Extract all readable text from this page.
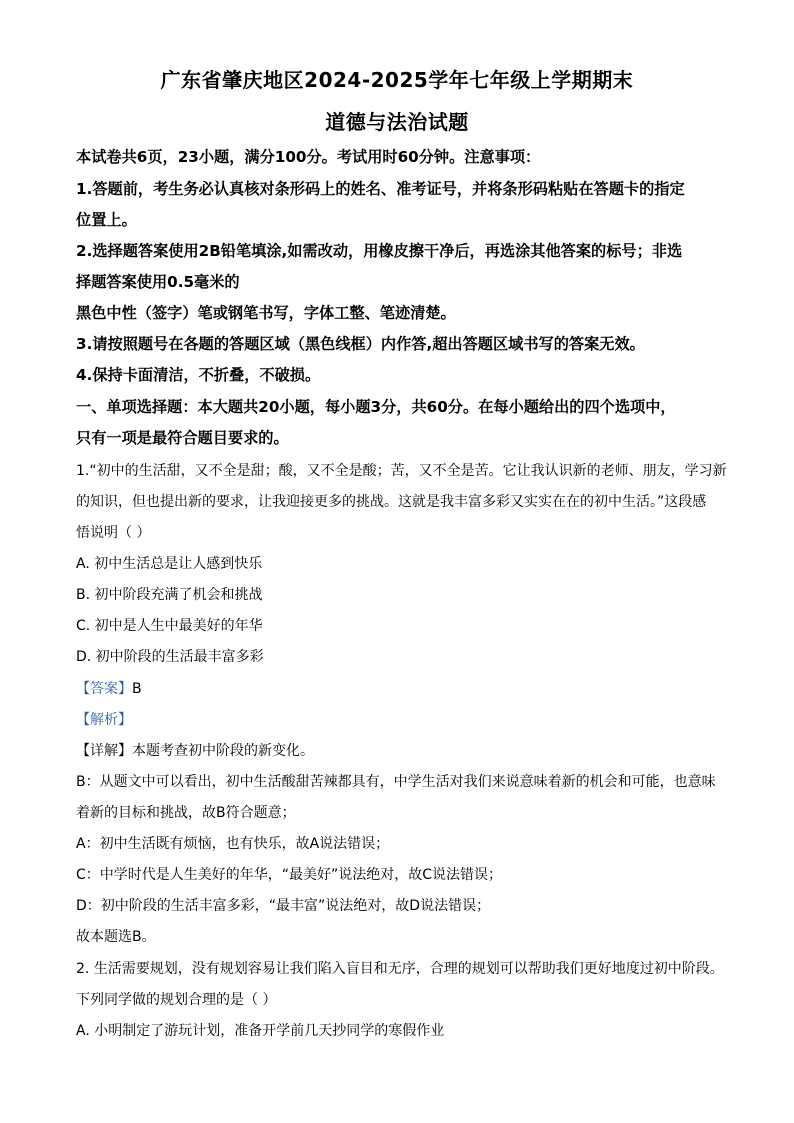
广东省肇庆地区2024-2025学年七年级上学期期末
道德与法治试题
本试卷共6页，23小题，满分100分。考试用时60分钟。注意事项：
1.答题前，考生务必认真核对条形码上的姓名、准考证号，并将条形码粘贴在答题卡的指定
位置上。
2.选择题答案使用2B铅笔填涂,如需改动，用橡皮擦干净后，再选涂其他答案的标号；非选
择题答案使用0.5毫米的
黑色中性（签字）笔或钢笔书写，字体工整、笔迹清楚。
3.请按照题号在各题的答题区域（黑色线框）内作答,超出答题区域书写的答案无效。
4.保持卡面清洁，不折叠，不破损。
一、单项选择题：本大题共20小题，每小题3分，共60分。在每小题给出的四个选项中，
只有一项是最符合题目要求的。
1.“初中的生活甜，又不全是甜；酸，又不全是酸；苦，又不全是苦。它让我认识新的老师、朋友，学习新
的知识，但也提出新的要求，让我迎接更多的挑战。这就是我丰富多彩又实实在在的初中生活。”这段感
悟说明（ ）
A. 初中生活总是让人感到快乐
B. 初中阶段充满了机会和挑战
C. 初中是人生中最美好的年华
D. 初中阶段的生活最丰富多彩
【答案】B
【解析】
【详解】本题考查初中阶段的新变化。
B：从题文中可以看出，初中生活酸甜苦辣都具有，中学生活对我们来说意味着新的机会和可能，也意味
着新的目标和挑战，故B符合题意；
A：初中生活既有烦恼，也有快乐，故A说法错误；
C：中学时代是人生美好的年华，“最美好”说法绝对，故C说法错误；
D：初中阶段的生活丰富多彩，“最丰富”说法绝对，故D说法错误；
故本题选B。
2. 生活需要规划，没有规划容易让我们陷入盲目和无序，合理的规划可以帮助我们更好地度过初中阶段。
下列同学做的规划合理的是（ ）
A. 小明制定了游玩计划，准备开学前几天抄同学的寒假作业
